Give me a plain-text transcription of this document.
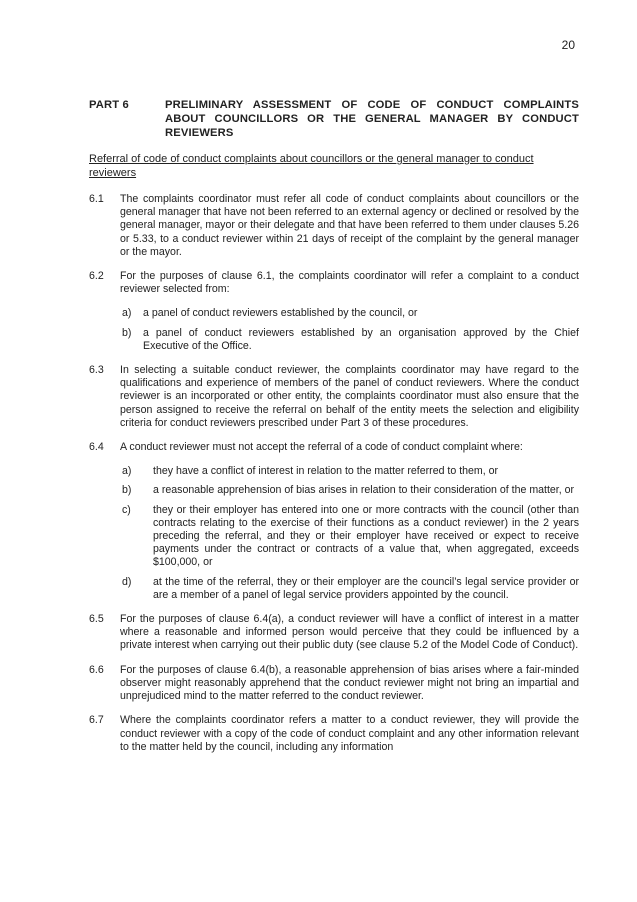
20
PART 6	PRELIMINARY ASSESSMENT OF CODE OF CONDUCT COMPLAINTS ABOUT COUNCILLORS OR THE GENERAL MANAGER BY CONDUCT REVIEWERS
Referral of code of conduct complaints about councillors or the general manager to conduct reviewers
6.1	The complaints coordinator must refer all code of conduct complaints about councillors or the general manager that have not been referred to an external agency or declined or resolved by the general manager, mayor or their delegate and that have been referred to them under clauses 5.26 or 5.33, to a conduct reviewer within 21 days of receipt of the complaint by the general manager or the mayor.
6.2	For the purposes of clause 6.1, the complaints coordinator will refer a complaint to a conduct reviewer selected from:
a)	a panel of conduct reviewers established by the council, or
b)	a panel of conduct reviewers established by an organisation approved by the Chief Executive of the Office.
6.3	In selecting a suitable conduct reviewer, the complaints coordinator may have regard to the qualifications and experience of members of the panel of conduct reviewers. Where the conduct reviewer is an incorporated or other entity, the complaints coordinator must also ensure that the person assigned to receive the referral on behalf of the entity meets the selection and eligibility criteria for conduct reviewers prescribed under Part 3 of these procedures.
6.4	A conduct reviewer must not accept the referral of a code of conduct complaint where:
a)	they have a conflict of interest in relation to the matter referred to them, or
b)	a reasonable apprehension of bias arises in relation to their consideration of the matter, or
c)	they or their employer has entered into one or more contracts with the council (other than contracts relating to the exercise of their functions as a conduct reviewer) in the 2 years preceding the referral, and they or their employer have received or expect to receive payments under the contract or contracts of a value that, when aggregated, exceeds $100,000, or
d)	at the time of the referral, they or their employer are the council’s legal service provider or are a member of a panel of legal service providers appointed by the council.
6.5	For the purposes of clause 6.4(a), a conduct reviewer will have a conflict of interest in a matter where a reasonable and informed person would perceive that they could be influenced by a private interest when carrying out their public duty (see clause 5.2 of the Model Code of Conduct).
6.6	For the purposes of clause 6.4(b), a reasonable apprehension of bias arises where a fair-minded observer might reasonably apprehend that the conduct reviewer might not bring an impartial and unprejudiced mind to the matter referred to the conduct reviewer.
6.7	Where the complaints coordinator refers a matter to a conduct reviewer, they will provide the conduct reviewer with a copy of the code of conduct complaint and any other information relevant to the matter held by the council, including any information
